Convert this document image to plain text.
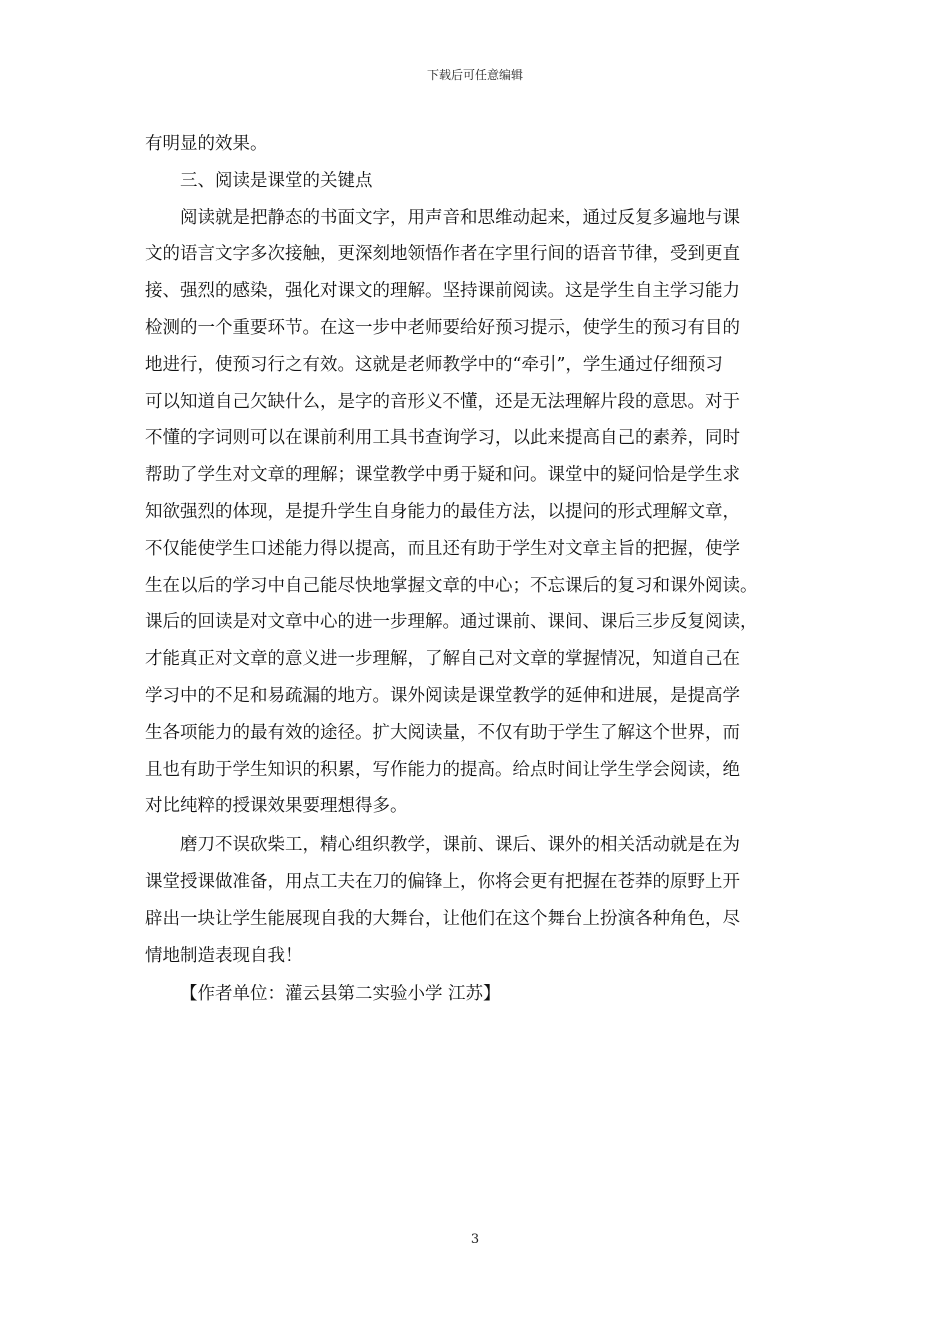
下载后可任意编辑
有明显的效果。
三、阅读是课堂的关键点
阅读就是把静态的书面文字，用声音和思维动起来，通过反复多遍地与课
文的语言文字多次接触，更深刻地领悟作者在字里行间的语音节律，受到更直
接、强烈的感染，强化对课文的理解。坚持课前阅读。这是学生自主学习能力
检测的一个重要环节。在这一步中老师要给好预习提示，使学生的预习有目的
地进行，使预习行之有效。这就是老师教学中的“牵引”，学生通过仔细预习
可以知道自己欠缺什么，是字的音形义不懂，还是无法理解片段的意思。对于
不懂的字词则可以在课前利用工具书查询学习，以此来提高自己的素养，同时
帮助了学生对文章的理解；课堂教学中勇于疑和问。课堂中的疑问恰是学生求
知欲强烈的体现，是提升学生自身能力的最佳方法，以提问的形式理解文章，
不仅能使学生口述能力得以提高，而且还有助于学生对文章主旨的把握，使学
生在以后的学习中自己能尽快地掌握文章的中心；不忘课后的复习和课外阅读。
课后的回读是对文章中心的进一步理解。通过课前、课间、课后三步反复阅读，
才能真正对文章的意义进一步理解，了解自己对文章的掌握情况，知道自己在
学习中的不足和易疏漏的地方。课外阅读是课堂教学的延伸和进展，是提高学
生各项能力的最有效的途径。扩大阅读量，不仅有助于学生了解这个世界，而
且也有助于学生知识的积累，写作能力的提高。给点时间让学生学会阅读，绝
对比纯粹的授课效果要理想得多。
磨刀不误砍柴工，精心组织教学，课前、课后、课外的相关活动就是在为
课堂授课做准备，用点工夫在刀的偏锋上，你将会更有把握在苍莽的原野上开
辟出一块让学生能展现自我的大舞台，让他们在这个舞台上扮演各种角色，尽
情地制造表现自我！
【作者单位：灌云县第二实验小学 江苏】
3
